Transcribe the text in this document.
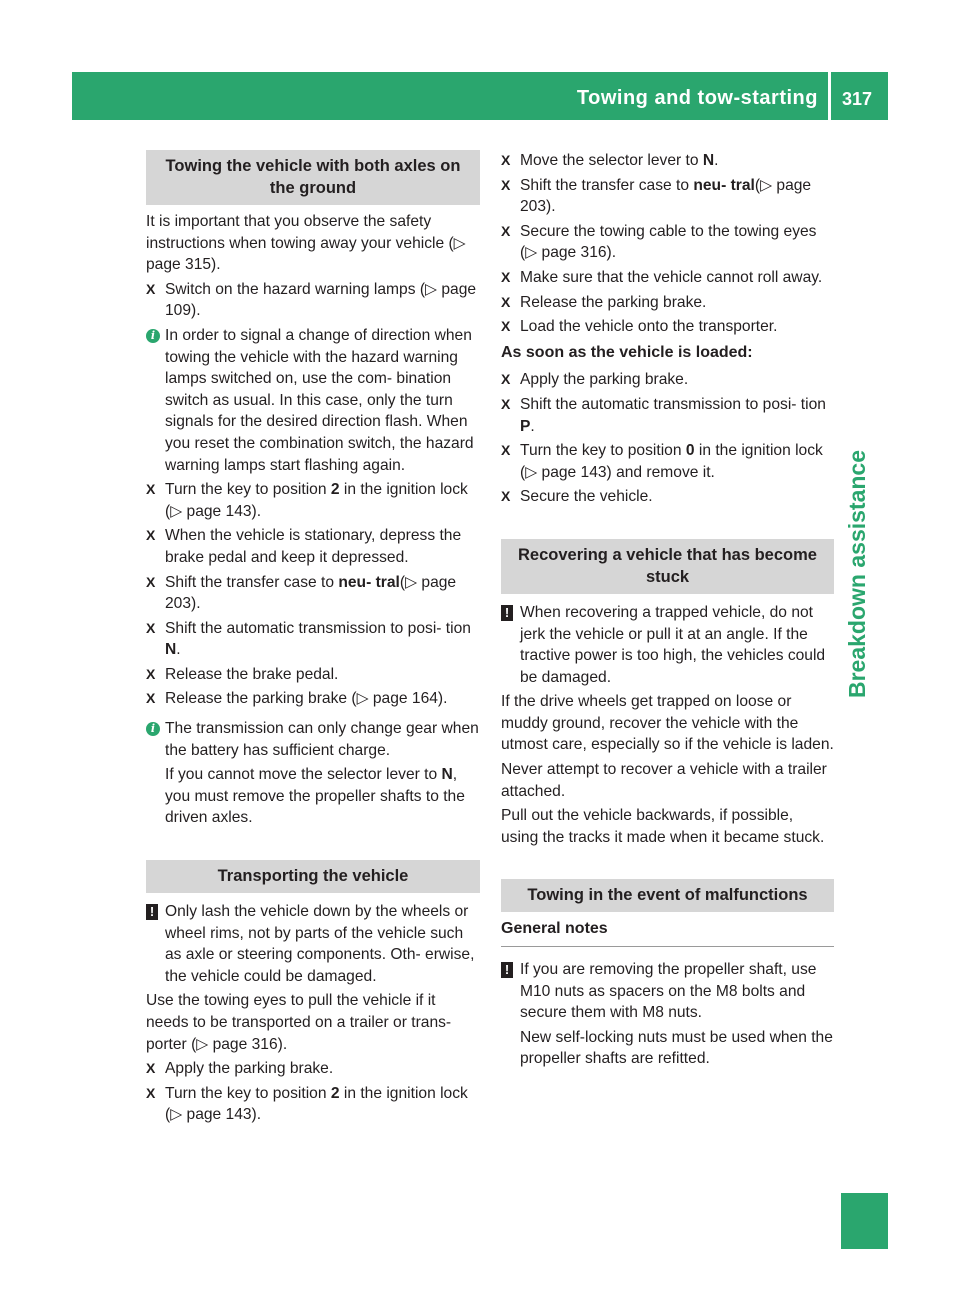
Towing and tow-starting 317
Breakdown assistance
Towing the vehicle with both axles on the ground

It is important that you observe the safety instructions when towing away your vehicle (▷ page 315).

X Switch on the hazard warning lamps (▷ page 109).
i In order to signal a change of direction when towing the vehicle with the hazard warning lamps switched on, use the com- bination switch as usual. In this case, only the turn signals for the desired direction flash. When you reset the combination switch, the hazard warning lamps start flashing again.
X Turn the key to position 2 in the ignition lock (▷ page 143).
X When the vehicle is stationary, depress the brake pedal and keep it depressed.
X Shift the transfer case to neu- tral(▷ page 203).
X Shift the automatic transmission to posi- tion N.
X Release the brake pedal.
X Release the parking brake (▷ page 164).
i The transmission can only change gear when the battery has sufficient charge.
If you cannot move the selector lever to N, you must remove the propeller shafts to the driven axles.
Transporting the vehicle
! Only lash the vehicle down by the wheels or wheel rims, not by parts of the vehicle such as axle or steering components. Oth- erwise, the vehicle could be damaged.

Use the towing eyes to pull the vehicle if it needs to be transported on a trailer or trans- porter (▷ page 316).

X Apply the parking brake.
X Turn the key to position 2 in the ignition lock (▷ page 143).
X Move the selector lever to N.
X Shift the transfer case to neu- tral(▷ page 203).
X Secure the towing cable to the towing eyes (▷ page 316).
X Make sure that the vehicle cannot roll away.
X Release the parking brake.
X Load the vehicle onto the transporter.
As soon as the vehicle is loaded:
X Apply the parking brake.
X Shift the automatic transmission to posi- tion P.
X Turn the key to position 0 in the ignition lock (▷ page 143) and remove it.
X Secure the vehicle.
Recovering a vehicle that has become stuck
! When recovering a trapped vehicle, do not jerk the vehicle or pull it at an angle. If the tractive power is too high, the vehicles could be damaged.

If the drive wheels get trapped on loose or muddy ground, recover the vehicle with the utmost care, especially so if the vehicle is laden.

Never attempt to recover a vehicle with a trailer attached.

Pull out the vehicle backwards, if possible, using the tracks it made when it became stuck.

Towing in the event of malfunctions
General notes
! If you are removing the propeller shaft, use M10 nuts as spacers on the M8 bolts and secure them with M8 nuts.
New self-locking nuts must be used when the propeller shafts are refitted.
